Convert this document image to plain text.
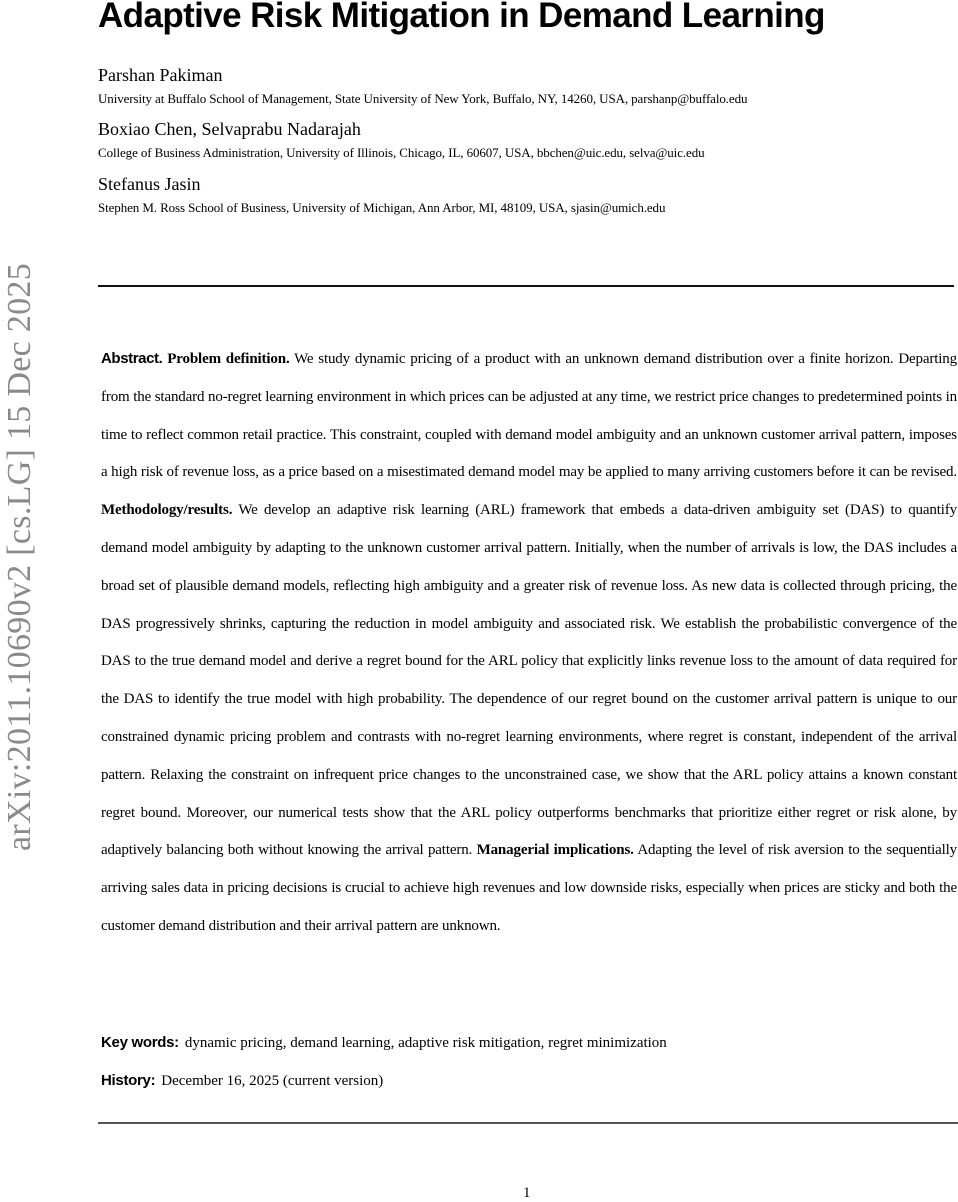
arXiv:2011.10690v2 [cs.LG] 15 Dec 2025
Adaptive Risk Mitigation in Demand Learning
Parshan Pakiman
University at Buffalo School of Management, State University of New York, Buffalo, NY, 14260, USA, parshanp@buffalo.edu
Boxiao Chen, Selvaprabu Nadarajah
College of Business Administration, University of Illinois, Chicago, IL, 60607, USA, bbchen@uic.edu, selva@uic.edu
Stefanus Jasin
Stephen M. Ross School of Business, University of Michigan, Ann Arbor, MI, 48109, USA, sjasin@umich.edu
Abstract. Problem definition. We study dynamic pricing of a product with an unknown demand distribution over a finite horizon. Departing from the standard no-regret learning environment in which prices can be adjusted at any time, we restrict price changes to predetermined points in time to reflect common retail practice. This constraint, coupled with demand model ambiguity and an unknown customer arrival pattern, imposes a high risk of revenue loss, as a price based on a misestimated demand model may be applied to many arriving customers before it can be revised. Methodology/results. We develop an adaptive risk learning (ARL) framework that embeds a data-driven ambiguity set (DAS) to quantify demand model ambiguity by adapting to the unknown customer arrival pattern. Initially, when the number of arrivals is low, the DAS includes a broad set of plausible demand models, reflecting high ambiguity and a greater risk of revenue loss. As new data is collected through pricing, the DAS progressively shrinks, capturing the reduction in model ambiguity and associated risk. We establish the probabilistic convergence of the DAS to the true demand model and derive a regret bound for the ARL policy that explicitly links revenue loss to the amount of data required for the DAS to identify the true model with high probability. The dependence of our regret bound on the customer arrival pattern is unique to our constrained dynamic pricing problem and contrasts with no-regret learning environments, where regret is constant, independent of the arrival pattern. Relaxing the constraint on infrequent price changes to the unconstrained case, we show that the ARL policy attains a known constant regret bound. Moreover, our numerical tests show that the ARL policy outperforms benchmarks that prioritize either regret or risk alone, by adaptively balancing both without knowing the arrival pattern. Managerial implications. Adapting the level of risk aversion to the sequentially arriving sales data in pricing decisions is crucial to achieve high revenues and low downside risks, especially when prices are sticky and both the customer demand distribution and their arrival pattern are unknown.
Key words: dynamic pricing, demand learning, adaptive risk mitigation, regret minimization
History: December 16, 2025 (current version)
1
